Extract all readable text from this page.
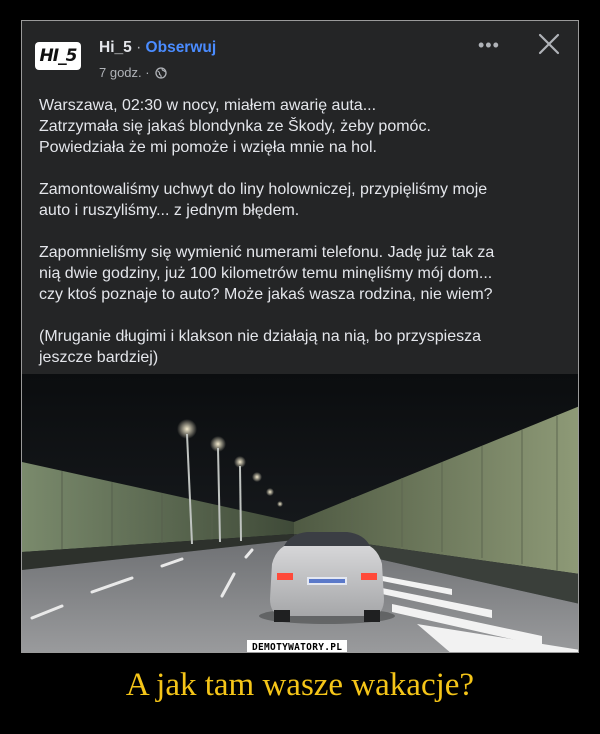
HI_5 Hi_5 · Obserwuj
7 godz. ·
•••

Warszawa, 02:30 w nocy, miałem awarię auta...
Zatrzymała się jakaś blondynka ze Škody, żeby pomóc.
Powiedziała że mi pomoże i wzięła mnie na hol.

Zamontowaliśmy uchwyt do liny holowniczej, przypięliśmy moje
auto i ruszyliśmy... z jednym błędem.

Zapomnieliśmy się wymienić numerami telefonu. Jadę już tak za
nią dwie godziny, już 100 kilometrów temu minęliśmy mój dom...
czy ktoś poznaje to auto? Może jakaś wasza rodzina, nie wiem?

(Mruganie długimi i klakson nie działają na nią, bo przyspiesza
jeszcze bardziej)

DEMOTYWATORY.PL
A jak tam wasze wakacje?
